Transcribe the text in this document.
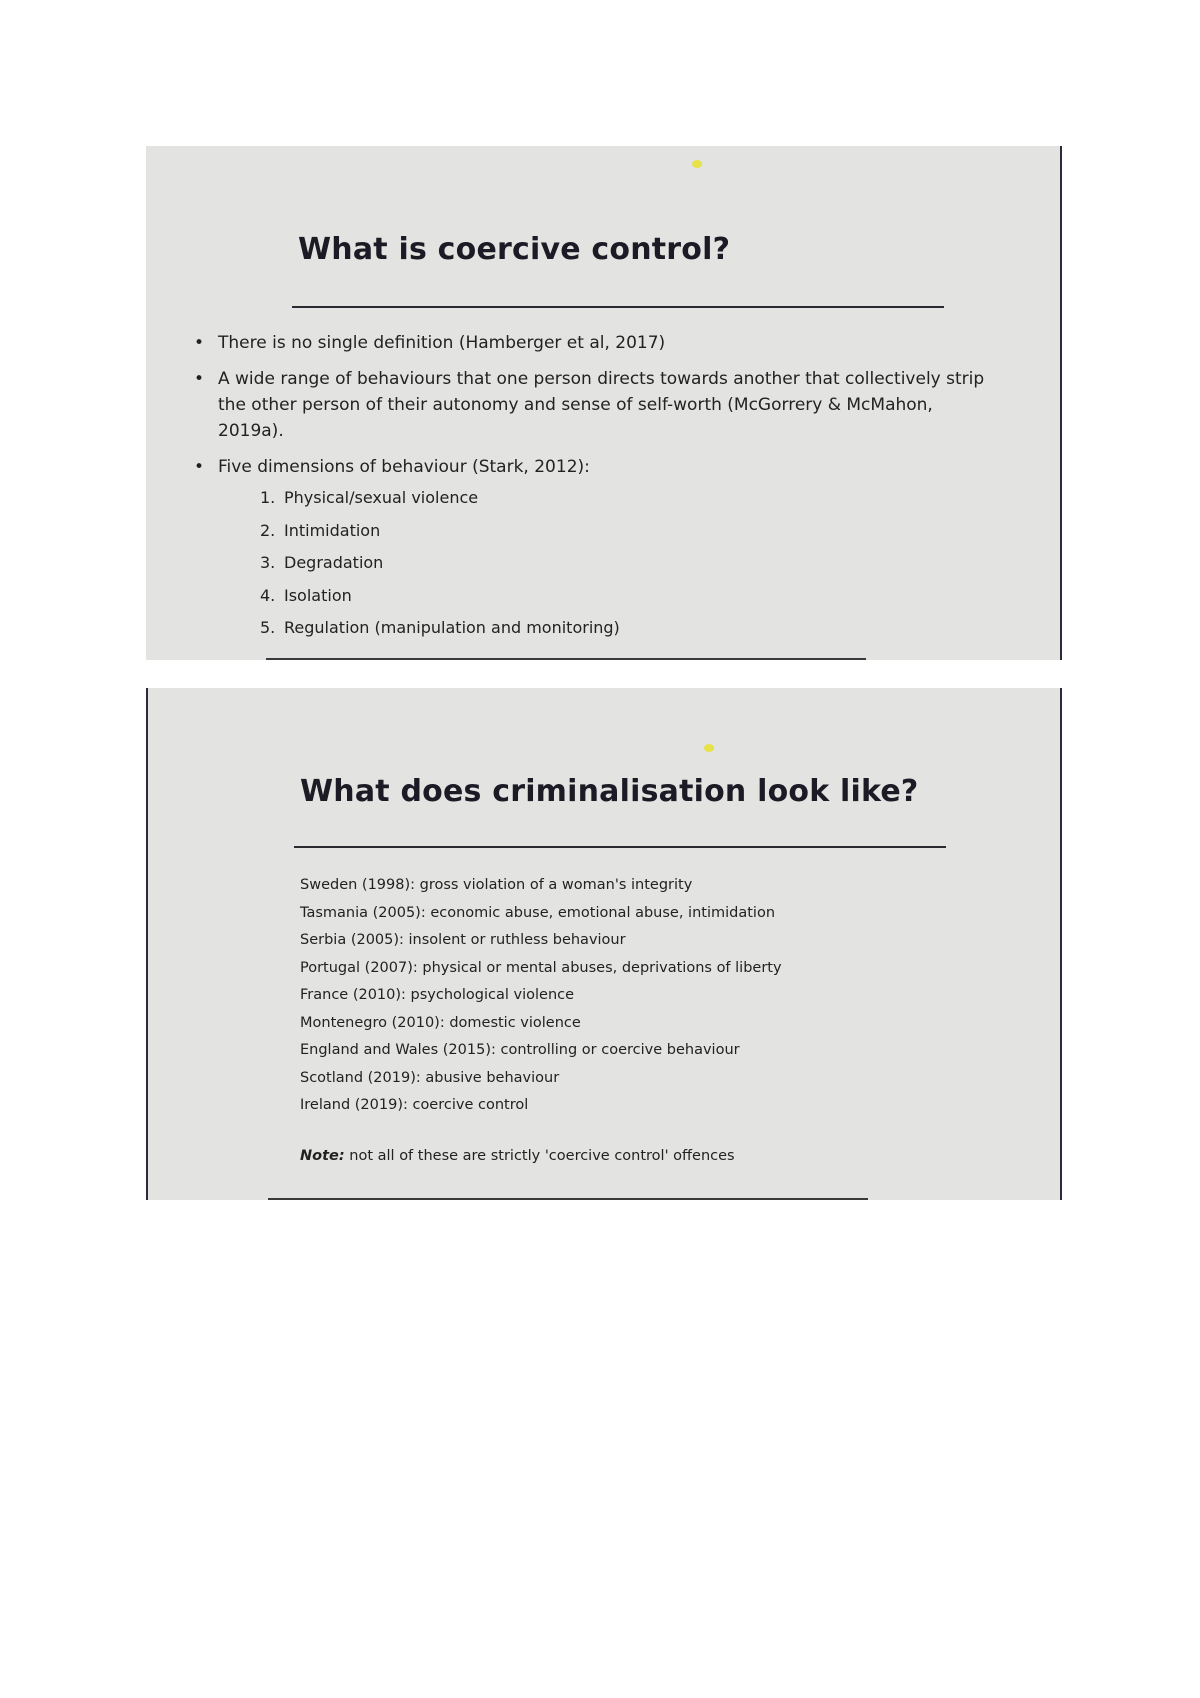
What is coercive control?
• There is no single definition (Hamberger et al, 2017)
• A wide range of behaviours that one person directs towards another that collectively strip the other person of their autonomy and sense of self-worth (McGorrery & McMahon, 2019a).
• Five dimensions of behaviour (Stark, 2012):
1. Physical/sexual violence
2. Intimidation
3. Degradation
4. Isolation
5. Regulation (manipulation and monitoring)
What does criminalisation look like?
Sweden (1998): gross violation of a woman's integrity
Tasmania (2005): economic abuse, emotional abuse, intimidation
Serbia (2005): insolent or ruthless behaviour
Portugal (2007): physical or mental abuses, deprivations of liberty
France (2010): psychological violence
Montenegro (2010): domestic violence
England and Wales (2015): controlling or coercive behaviour
Scotland (2019): abusive behaviour
Ireland (2019): coercive control

Note: not all of these are strictly 'coercive control' offences
